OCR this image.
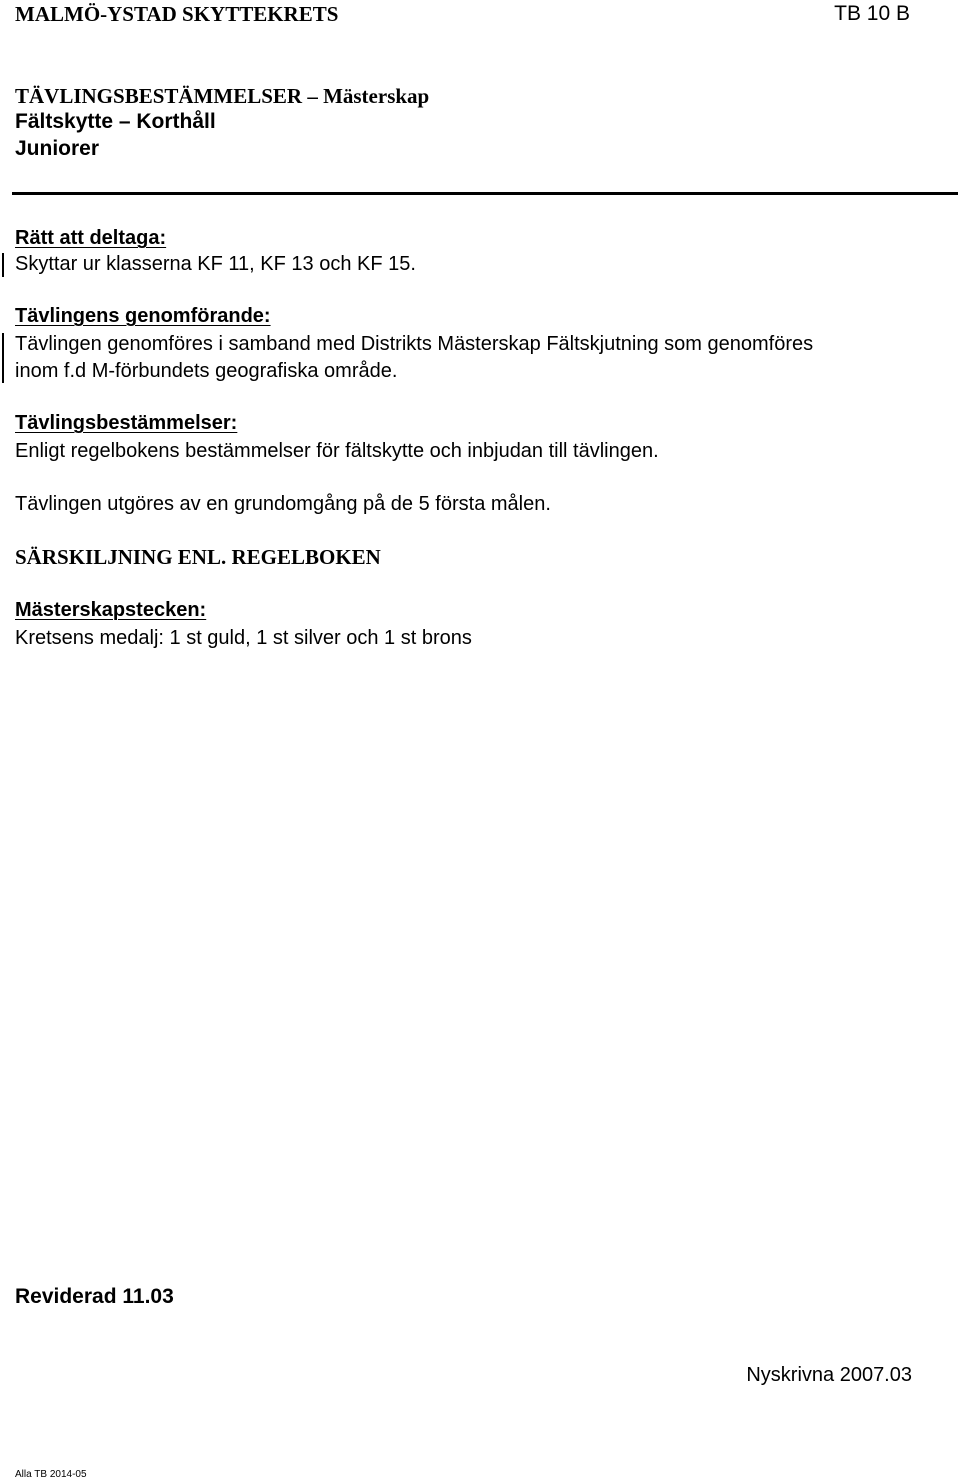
MALMÖ-YSTAD SKYTTEKRETS	TB 10 B
TÄVLINGSBESTÄMMELSER – Mästerskap
Fältskytte – Korthåll
Juniorer
Rätt att deltaga:
Skyttar ur klasserna KF 11, KF 13 och KF 15.
Tävlingens genomförande:
Tävlingen genomföres i samband med Distrikts Mästerskap Fältskjutning som genomföres
inom f.d M-förbundets geografiska område.
Tävlingsbestämmelser:
Enligt regelbokens bestämmelser för fältskytte och inbjudan till tävlingen.
Tävlingen utgöres av en grundomgång på de 5 första målen.
SÄRSKILJNING ENL. REGELBOKEN
Mästerskapstecken:
Kretsens medalj: 1 st guld, 1 st silver och 1 st brons
Reviderad 11.03
Nyskrivna 2007.03
Alla TB 2014-05
